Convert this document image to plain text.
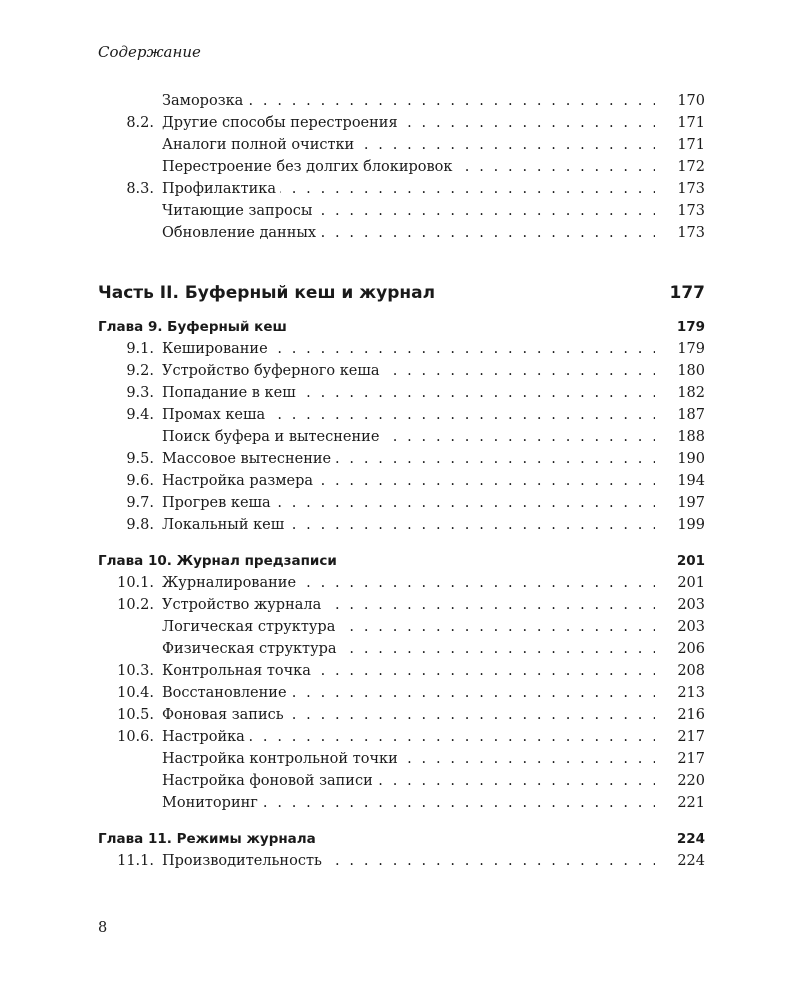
Содержание
Заморозка . . .	170
8.2. Другие способы перестроения . . .	171
Аналоги полной очистки . . .	171
Перестроение без долгих блокировок . . .	172
8.3. Профилактика . . .	173
Читающие запросы . . .	173
Обновление данных . . .	173
Часть II. Буферный кеш и журнал	177
Глава 9. Буферный кеш	179
9.1. Кеширование . . .	179
9.2. Устройство буферного кеша . . .	180
9.3. Попадание в кеш . . .	182
9.4. Промах кеша . . .	187
Поиск буфера и вытеснение . . .	188
9.5. Массовое вытеснение . . .	190
9.6. Настройка размера . . .	194
9.7. Прогрев кеша . . .	197
9.8. Локальный кеш . . .	199
Глава 10. Журнал предзаписи	201
10.1. Журналирование . . .	201
10.2. Устройство журнала . . .	203
Логическая структура . . .	203
Физическая структура . . .	206
10.3. Контрольная точка . . .	208
10.4. Восстановление . . .	213
10.5. Фоновая запись . . .	216
10.6. Настройка . . .	217
Настройка контрольной точки . . .	217
Настройка фоновой записи . . .	220
Мониторинг . . .	221
Глава 11. Режимы журнала	224
11.1. Производительность . . .	224
8
